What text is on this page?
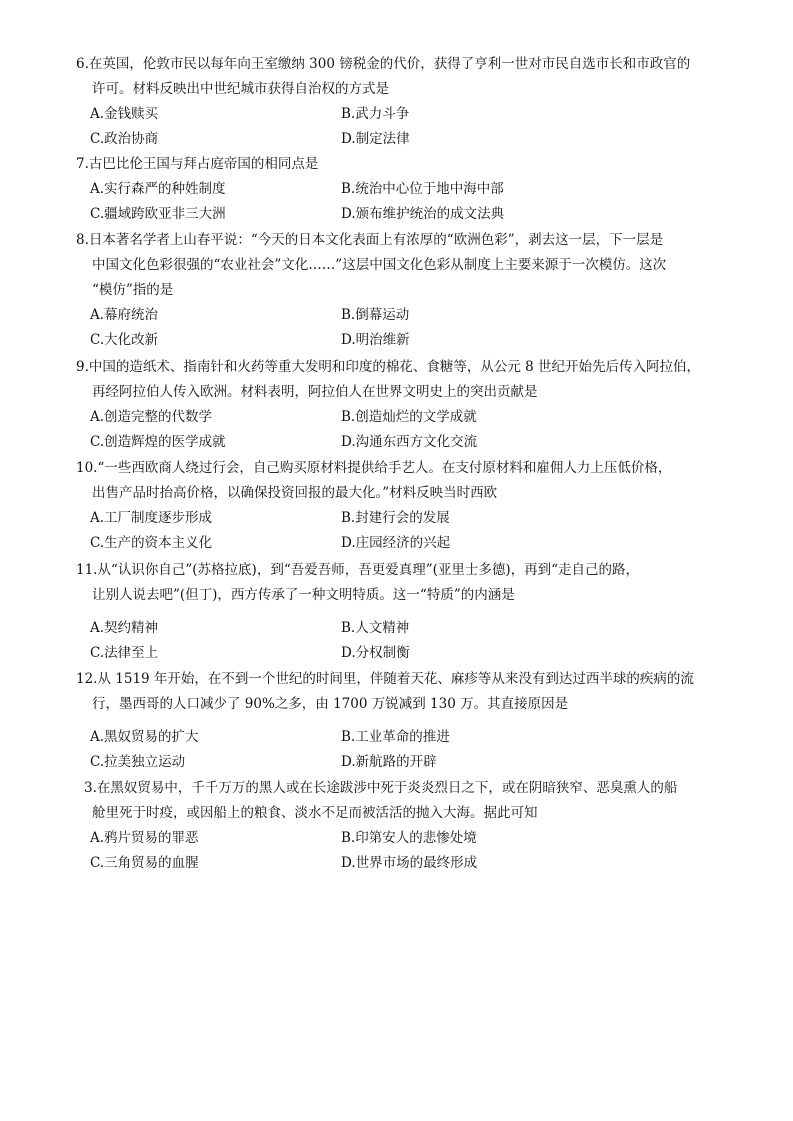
6.在英国，伦敦市民以每年向王室缴纳 300 镑税金的代价，获得了亨利一世对市民自选市长和市政官的
许可。材料反映出中世纪城市获得自治权的方式是

A.金钱赎买	B.武力斗争
C.政治协商	D.制定法律

7.古巴比伦王国与拜占庭帝国的相同点是

A.实行森严的种姓制度	B.统治中心位于地中海中部
C.疆域跨欧亚非三大洲	D.颁布维护统治的成文法典

8.日本著名学者上山春平说：“今天的日本文化表面上有浓厚的“欧洲色彩”，剥去这一层，下一层是
中国文化色彩很强的“农业社会”文化……”这层中国文化色彩从制度上主要来源于一次模仿。这次
“模仿”指的是

A.幕府统治	B.倒幕运动
C.大化改新	D.明治维新

9.中国的造纸术、指南针和火药等重大发明和印度的棉花、食糖等，从公元 8 世纪开始先后传入阿拉伯，
再经阿拉伯人传入欧洲。材料表明，阿拉伯人在世界文明史上的突出贡献是

A.创造完整的代数学	B.创造灿烂的文学成就
C.创造辉煌的医学成就	D.沟通东西方文化交流

10.“一些西欧商人绕过行会，自己购买原材料提供给手艺人。在支付原材料和雇佣人力上压低价格，
出售产品时抬高价格，以确保投资回报的最大化。”材料反映当时西欧

A.工厂制度逐步形成	B.封建行会的发展
C.生产的资本主义化	D.庄园经济的兴起

11.从“认识你自己”(苏格拉底)，到“吾爱吾师，吾更爱真理”(亚里士多德)，再到“走自己的路，
让别人说去吧”(但丁)，西方传承了一种文明特质。这一“特质”的内涵是

A.契约精神	B.人文精神
C.法律至上	D.分权制衡

12.从 1519 年开始，在不到一个世纪的时间里，伴随着天花、麻疹等从来没有到达过西半球的疾病的流
行，墨西哥的人口减少了 90%之多，由 1700 万锐减到 130 万。其直接原因是

A.黑奴贸易的扩大	B.工业革命的推进
C.拉美独立运动	D.新航路的开辟

3.在黑奴贸易中，千千万万的黑人或在长途跋涉中死于炎炎烈日之下，或在阴暗狭窄、恶臭熏人的船
舱里死于时疫，或因船上的粮食、淡水不足而被活活的抛入大海。据此可知

A.鸦片贸易的罪恶	B.印第安人的悲惨处境
C.三角贸易的血腥	D.世界市场的最终形成
